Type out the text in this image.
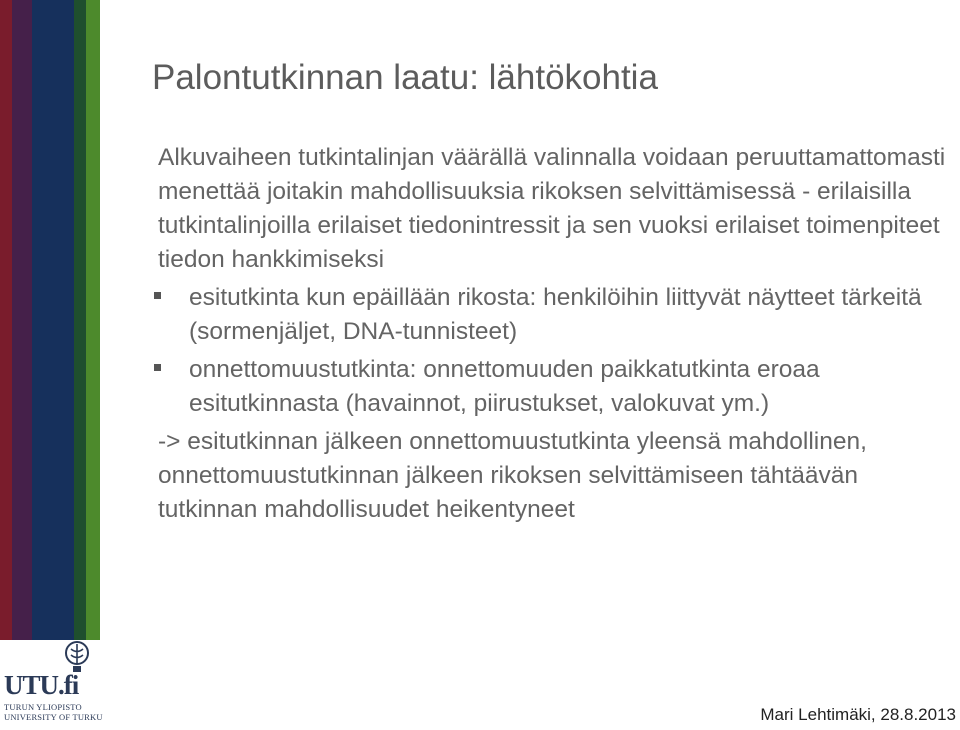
UTU.fi
TURUN YLIOPISTO
UNIVERSITY OF TURKU
Palontutkinnan laatu: lähtökohtia

Alkuvaiheen tutkintalinjan väärällä valinnalla voidaan peruuttamattomasti menettää joitakin mahdollisuuksia rikoksen selvittämisessä - erilaisilla tutkintalinjoilla erilaiset tiedonintressit ja sen vuoksi erilaiset toimenpiteet tiedon hankkimiseksi

esitutkinta kun epäillään rikosta: henkilöihin liittyvät näytteet tärkeitä (sormenjäljet, DNA-tunnisteet)
onnettomuustutkinta: onnettomuuden paikkatutkinta eroaa esitutkinnasta (havainnot, piirustukset, valokuvat ym.)

-> esitutkinnan jälkeen onnettomuustutkinta yleensä mahdollinen, onnettomuustutkinnan jälkeen rikoksen selvittämiseen tähtäävän tutkinnan mahdollisuudet heikentyneet

Mari Lehtimäki, 28.8.2013
